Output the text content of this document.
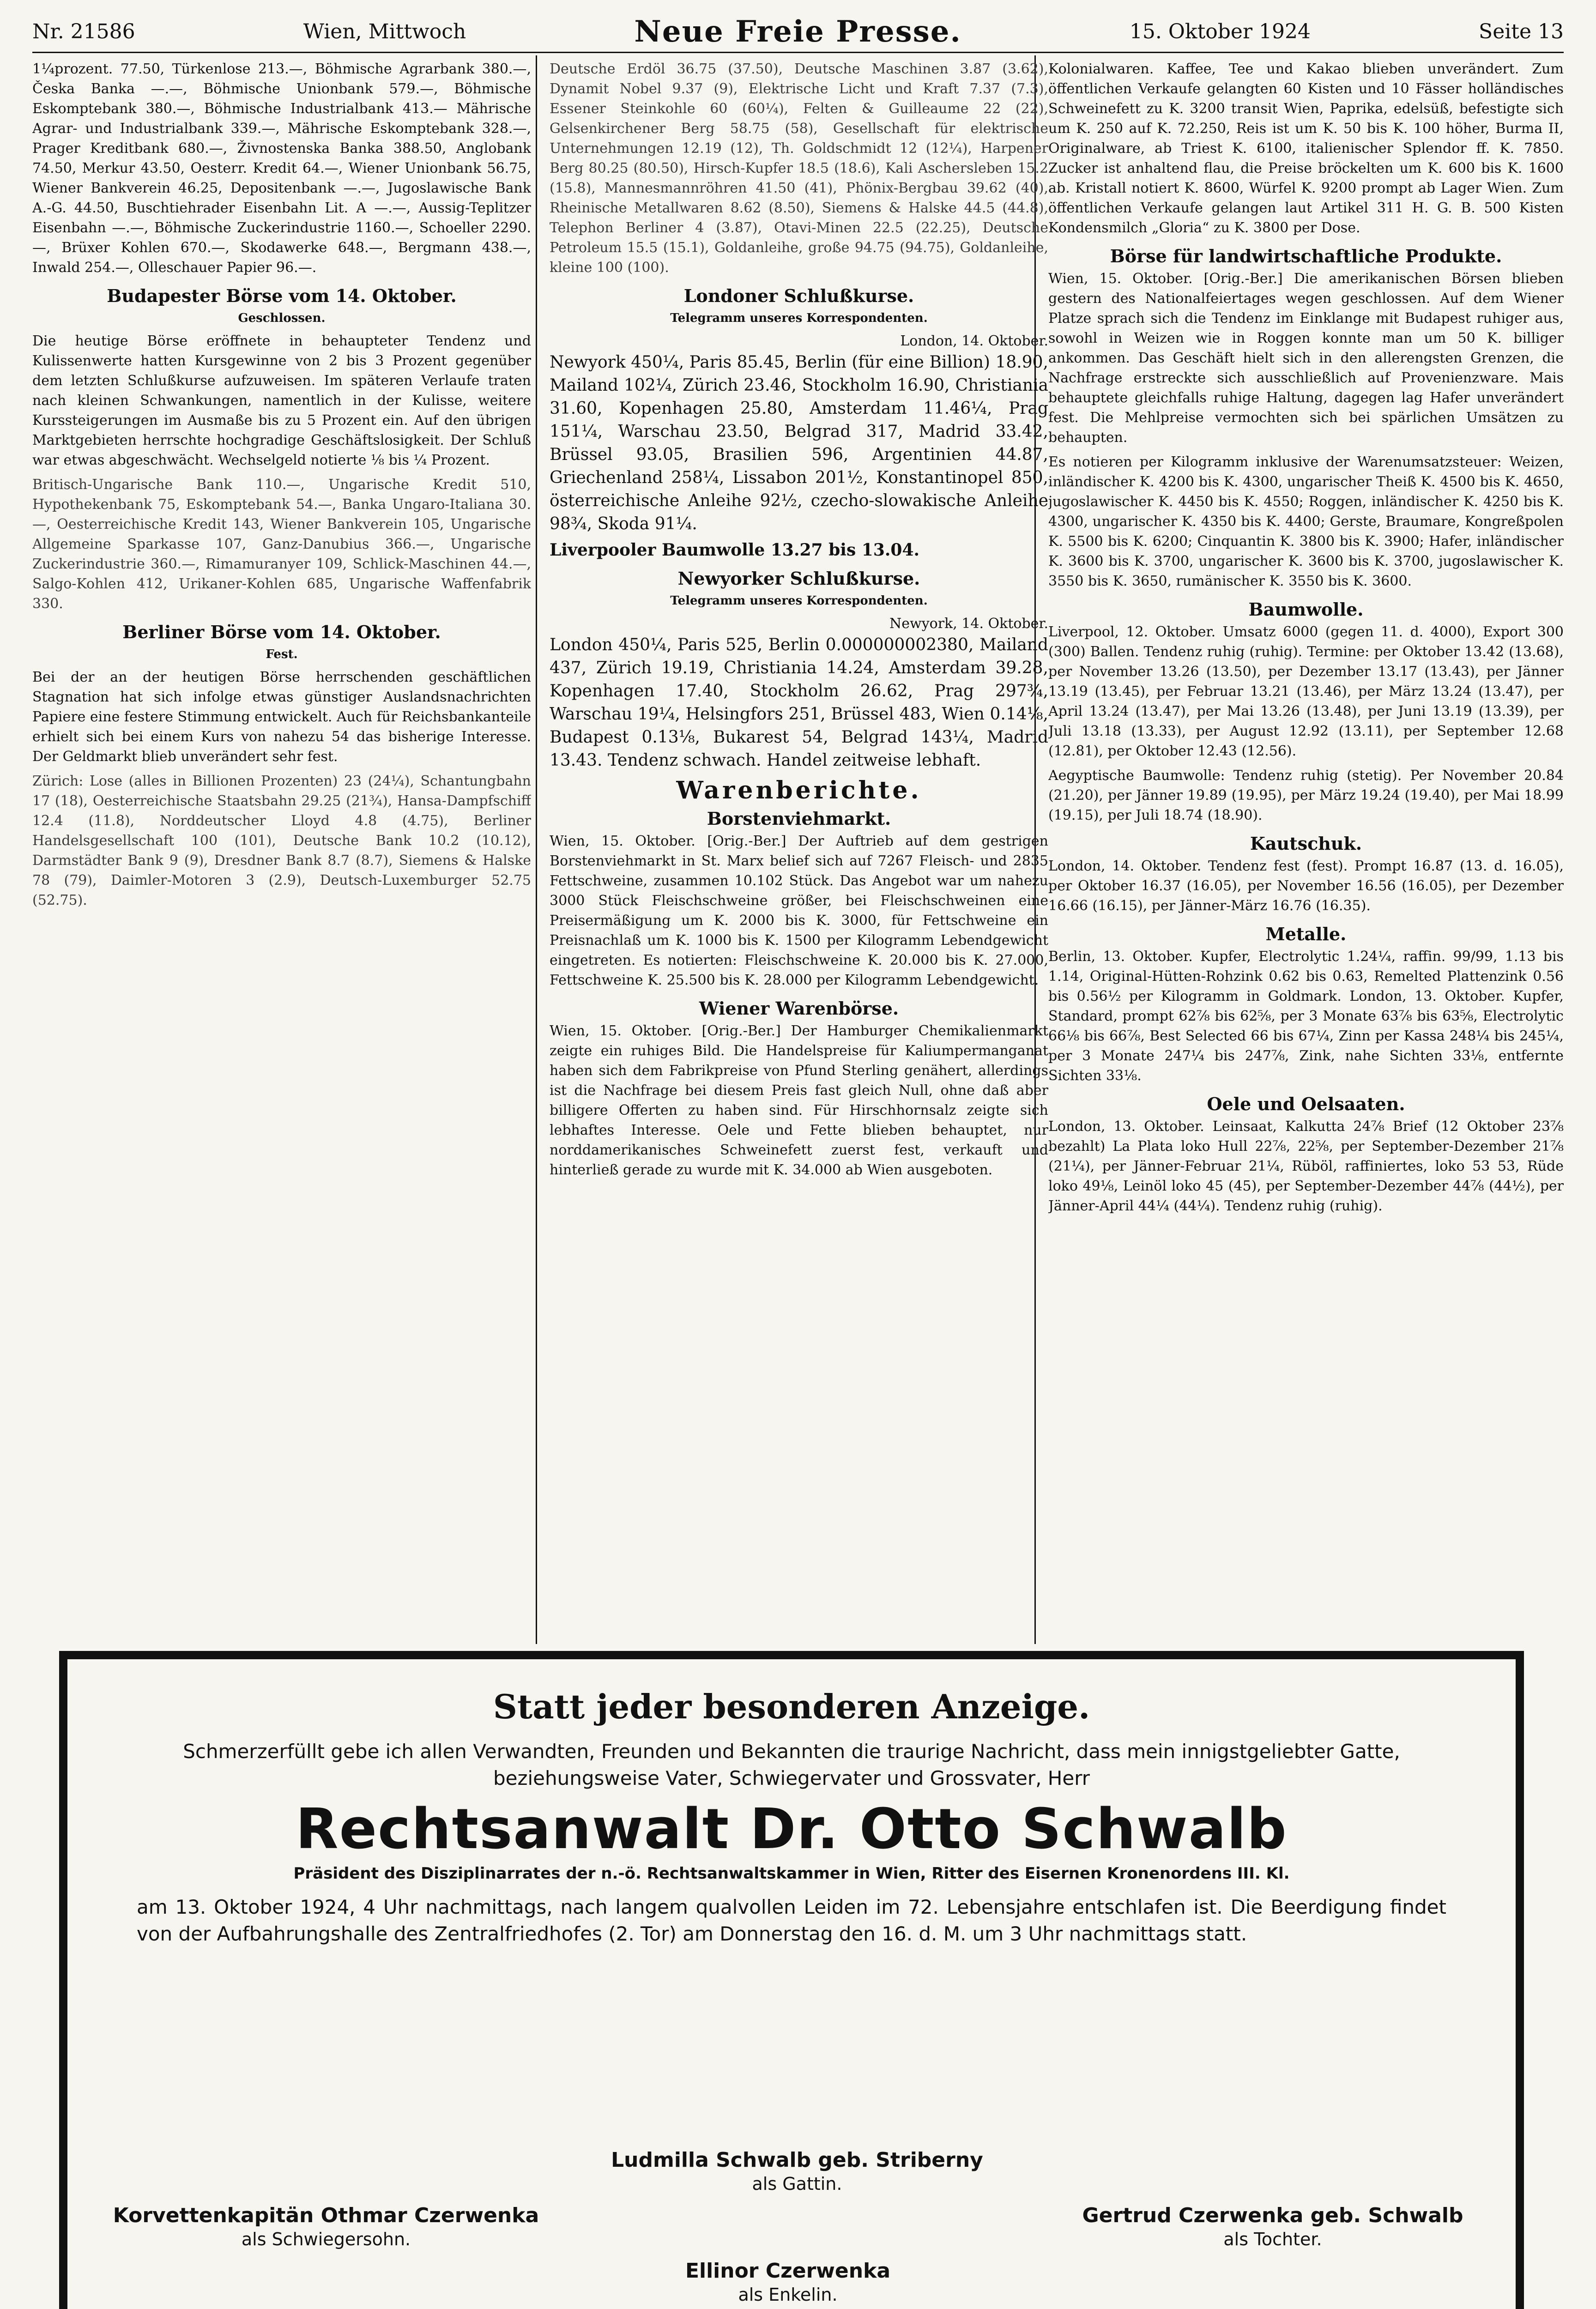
Nr. 21586	Wien, Mittwoch	Neue Freie Presse.	15. Oktober 1924	Seite 13

1¼prozent. 77.50, Türkenlose 213.—, Böhmische Agrarbank 380.—, Česka Banka —.—, Böhmische Unionbank 579.—, Böhmische Eskomptebank 380.—, Böhmische Industrialbank 413.— Mährische Agrar- und Industrialbank 339.—, Mährische Eskomptebank 328.—, Prager Kreditbank 680.—, Živnostenska Banka 388.50, Anglobank 74.50, Merkur 43.50, Oesterr. Kredit 64.—, Wiener Unionbank 56.75, Wiener Bankverein 46.25, Depositenbank —.—, Jugoslawische Bank A.-G. 44.50, Buschtiehrader Eisenbahn Lit. A —.—, Aussig-Teplitzer Eisenbahn —.—, Böhmische Zuckerindustrie 1160.—, Schoeller 2290.—, Brüxer Kohlen 670.—, Skodawerke 648.—, Bergmann 438.—, Inwald 254.—, Olleschauer Papier 96.—.

Budapester Börse vom 14. Oktober.
Geschlossen.

Die heutige Börse eröffnete in behaupteter Tendenz und Kulissenwerte hatten Kursgewinne von 2 bis 3 Prozent gegenüber dem letzten Schlußkurse aufzuweisen. Im späteren Verlaufe traten nach kleinen Schwankungen, namentlich in der Kulisse, weitere Kurssteigerungen im Ausmaße bis zu 5 Prozent ein. Auf den übrigen Marktgebieten herrschte hochgradige Geschäftslosigkeit. Der Schluß war etwas abgeschwächt. Wechselgeld notierte ⅛ bis ¼ Prozent.

Britisch-Ungarische Bank 110.—, Ungarische Kredit 510, Hypothekenbank 75, Eskomptebank 54.—, Banka Ungaro-Italiana 30.—, Oesterreichische Kredit 143, Wiener Bankverein 105, Ungarische Allgemeine Sparkasse 107, Ganz-Danubius 366.—, Ungarische Zuckerindustrie 360.—, Rimamuranyer 109, Schlick-Maschinen 44.—, Salgo-Kohlen 412, Urikaner-Kohlen 685, Ungarische Waffenfabrik 330.

Berliner Börse vom 14. Oktober.
Fest.

Bei der an der heutigen Börse herrschenden geschäftlichen Stagnation hat sich infolge etwas günstiger Auslandsnachrichten Papiere eine festere Stimmung entwickelt. Auch für Reichsbankanteile erhielt sich bei einem Kurs von nahezu 54 das bisherige Interesse. Der Geldmarkt blieb unverändert sehr fest.

Zürich: Lose (alles in Billionen Prozenten) 23 (24¼), Schantungbahn 17 (18), Oesterreichische Staatsbahn 29.25 (21¾), Hansa-Dampfschiff 12.4 (11.8), Norddeutscher Lloyd 4.8 (4.75), Berliner Handelsgesellschaft 100 (101), Deutsche Bank 10.2 (10.12), Darmstädter Bank 9 (9), Dresdner Bank 8.7 (8.7), Siemens & Halske 78 (79), Daimler-Motoren 3 (2.9), Deutsch-Luxemburger 52.75 (52.75).

Deutsche Erdöl 36.75 (37.50), Deutsche Maschinen 3.87 (3.62), Dynamit Nobel 9.37 (9), Elektrische Licht und Kraft 7.37 (7.3), Essener Steinkohle 60 (60¼), Felten & Guilleaume 22 (22), Gelsenkirchener Berg 58.75 (58), Gesellschaft für elektrische Unternehmungen 12.19 (12), Th. Goldschmidt 12 (12¼), Harpener Berg 80.25 (80.50), Hirsch-Kupfer 18.5 (18.6), Kali Aschersleben 15.2 (15.8), Mannesmannröhren 41.50 (41), Phönix-Bergbau 39.62 (40), Rheinische Metallwaren 8.62 (8.50), Siemens & Halske 44.5 (44.8), Telephon Berliner 4 (3.87), Otavi-Minen 22.5 (22.25), Deutsche Petroleum 15.5 (15.1), Goldanleihe, große 94.75 (94.75), Goldanleihe, kleine 100 (100).

Londoner Schlußkurse.
Telegramm unseres Korrespondenten.
London, 14. Oktober.

Newyork 450¼, Paris 85.45, Berlin (für eine Billion) 18.90, Mailand 102¼, Zürich 23.46, Stockholm 16.90, Christiania 31.60, Kopenhagen 25.80, Amsterdam 11.46¼, Prag 151¼, Warschau 23.50, Belgrad 317, Madrid 33.42, Brüssel 93.05, Brasilien 596, Argentinien 44.87, Griechenland 258¼, Lissabon 201½, Konstantinopel 850, österreichische Anleihe 92½, czecho-slowakische Anleihe 98¾, Skoda 91¼.

Liverpooler Baumwolle 13.27 bis 13.04.

Newyorker Schlußkurse.
Telegramm unseres Korrespondenten.
Newyork, 14. Oktober.

London 450¼, Paris 525, Berlin 0.000000002380, Mailand 437, Zürich 19.19, Christiania 14.24, Amsterdam 39.28, Kopenhagen 17.40, Stockholm 26.62, Prag 297¾, Warschau 19¼, Helsingfors 251, Brüssel 483, Wien 0.14⅛, Budapest 0.13⅛, Bukarest 54, Belgrad 143¼, Madrid 13.43. Tendenz schwach. Handel zeitweise lebhaft.

Warenberichte.
Borstenviehmarkt.

Wien, 15. Oktober. [Orig.-Ber.] Der Auftrieb auf dem gestrigen Borstenviehmarkt in St. Marx belief sich auf 7267 Fleisch- und 2835 Fettschweine, zusammen 10.102 Stück. Das Angebot war um nahezu 3000 Stück Fleischschweine größer, bei Fleischschweinen eine Preisermäßigung um K. 2000 bis K. 3000, für Fettschweine ein Preisnachlaß um K. 1000 bis K. 1500 per Kilogramm Lebendgewicht eingetreten. Es notierten: Fleischschweine K. 20.000 bis K. 27.000, Fettschweine K. 25.500 bis K. 28.000 per Kilogramm Lebendgewicht.

Wiener Warenbörse.

Wien, 15. Oktober. [Orig.-Ber.] Der Hamburger Chemikalienmarkt zeigte ein ruhiges Bild. Die Handelspreise für Kaliumpermanganat haben sich dem Fabrikpreise von Pfund Sterling genähert, allerdings ist die Nachfrage bei diesem Preis fast gleich Null, ohne daß aber billigere Offerten zu haben sind. Für Hirschhornsalz zeigte sich lebhaftes Interesse. Oele und Fette blieben behauptet, nur norddamerikanisches Schweinefett zuerst fest, verkauft und hinterließ gerade zu wurde mit K. 34.000 ab Wien ausgeboten.

Kolonialwaren. Kaffee, Tee und Kakao blieben unverändert. Zum öffentlichen Verkaufe gelangten 60 Kisten und 10 Fässer holländisches Schweinefett zu K. 3200 transit Wien, Paprika, edelsüß, befestigte sich um K. 250 auf K. 72.250, Reis ist um K. 50 bis K. 100 höher, Burma II, Originalware, ab Triest K. 6100, italienischer Splendor ff. K. 7850. Zucker ist anhaltend flau, die Preise bröckelten um K. 600 bis K. 1600 ab. Kristall notiert K. 8600, Würfel K. 9200 prompt ab Lager Wien. Zum öffentlichen Verkaufe gelangen laut Artikel 311 H. G. B. 500 Kisten Kondensmilch „Gloria“ zu K. 3800 per Dose.

Börse für landwirtschaftliche Produkte.

Wien, 15. Oktober. [Orig.-Ber.] Die amerikanischen Börsen blieben gestern des Nationalfeiertages wegen geschlossen. Auf dem Wiener Platze sprach sich die Tendenz im Einklange mit Budapest ruhiger aus, sowohl in Weizen wie in Roggen konnte man um 50 K. billiger ankommen. Das Geschäft hielt sich in den allerengsten Grenzen, die Nachfrage erstreckte sich ausschließlich auf Provenienzware. Mais behauptete gleichfalls ruhige Haltung, dagegen lag Hafer unverändert fest. Die Mehlpreise vermochten sich bei spärlichen Umsätzen zu behaupten.

Es notieren per Kilogramm inklusive der Warenumsatzsteuer: Weizen, inländischer K. 4200 bis K. 4300, ungarischer Theiß K. 4500 bis K. 4650, jugoslawischer K. 4450 bis K. 4550; Roggen, inländischer K. 4250 bis K. 4300, ungarischer K. 4350 bis K. 4400; Gerste, Braumare, Kongreßpolen K. 5500 bis K. 6200; Cinquantin K. 3800 bis K. 3900; Hafer, inländischer K. 3600 bis K. 3700, ungarischer K. 3600 bis K. 3700, jugoslawischer K. 3550 bis K. 3650, rumänischer K. 3550 bis K. 3600.

Baumwolle.

Liverpool, 12. Oktober. Umsatz 6000 (gegen 11. d. 4000), Export 300 (300) Ballen. Tendenz ruhig (ruhig). Termine: per Oktober 13.42 (13.68), per November 13.26 (13.50), per Dezember 13.17 (13.43), per Jänner 13.19 (13.45), per Februar 13.21 (13.46), per März 13.24 (13.47), per April 13.24 (13.47), per Mai 13.26 (13.48), per Juni 13.19 (13.39), per Juli 13.18 (13.33), per August 12.92 (13.11), per September 12.68 (12.81), per Oktober 12.43 (12.56).

Aegyptische Baumwolle: Tendenz ruhig (stetig). Per November 20.84 (21.20), per Jänner 19.89 (19.95), per März 19.24 (19.40), per Mai 18.99 (19.15), per Juli 18.74 (18.90).

Kautschuk.

London, 14. Oktober. Tendenz fest (fest). Prompt 16.87 (13. d. 16.05), per Oktober 16.37 (16.05), per November 16.56 (16.05), per Dezember 16.66 (16.15), per Jänner-März 16.76 (16.35).

Metalle.

Berlin, 13. Oktober. Kupfer, Electrolytic 1.24¼, raffin. 99/99, 1.13 bis 1.14, Original-Hütten-Rohzink 0.62 bis 0.63, Remelted Plattenzink 0.56 bis 0.56½ per Kilogramm in Goldmark. London, 13. Oktober. Kupfer, Standard, prompt 62⅞ bis 62⅝, per 3 Monate 63⅞ bis 63⅝, Electrolytic 66⅛ bis 66⅞, Best Selected 66 bis 67¼, Zinn per Kassa 248¼ bis 245¼, per 3 Monate 247¼ bis 247⅞, Zink, nahe Sichten 33⅛, entfernte Sichten 33⅛.

Oele und Oelsaaten.

London, 13. Oktober. Leinsaat, Kalkutta 24⅞ Brief (12 Oktober 23⅞ bezahlt) La Plata loko Hull 22⅞, 22⅝, per September-Dezember 21⅞ (21¼), per Jänner-Februar 21¼, Rüböl, raffiniertes, loko 53 53, Rüde loko 49⅛, Leinöl loko 45 (45), per September-Dezember 44⅞ (44½), per Jänner-April 44¼ (44¼). Tendenz ruhig (ruhig).

Statt jeder besonderen Anzeige.
Schmerzerfüllt gebe ich allen Verwandten, Freunden und Bekannten die traurige Nachricht, dass mein innigstgeliebter Gatte, beziehungsweise Vater, Schwiegervater und Grossvater, Herr
Rechtsanwalt Dr. Otto Schwalb
Präsident des Disziplinarrates der n.-ö. Rechtsanwaltskammer in Wien, Ritter des Eisernen Kronenordens III. Kl.
am 13. Oktober 1924, 4 Uhr nachmittags, nach langem qualvollen Leiden im 72. Lebensjahre entschlafen ist. Die Beerdigung findet von der Aufbahrungshalle des Zentralfriedhofes (2. Tor) am Donnerstag den 16. d. M. um 3 Uhr nachmittags statt.
Ludmilla Schwalb geb. Striberny
als Gattin.
Korvettenkapitän Othmar Czerwenka
als Schwiegersohn.
Gertrud Czerwenka geb. Schwalb
als Tochter.
Ellinor Czerwenka
als Enkelin.
